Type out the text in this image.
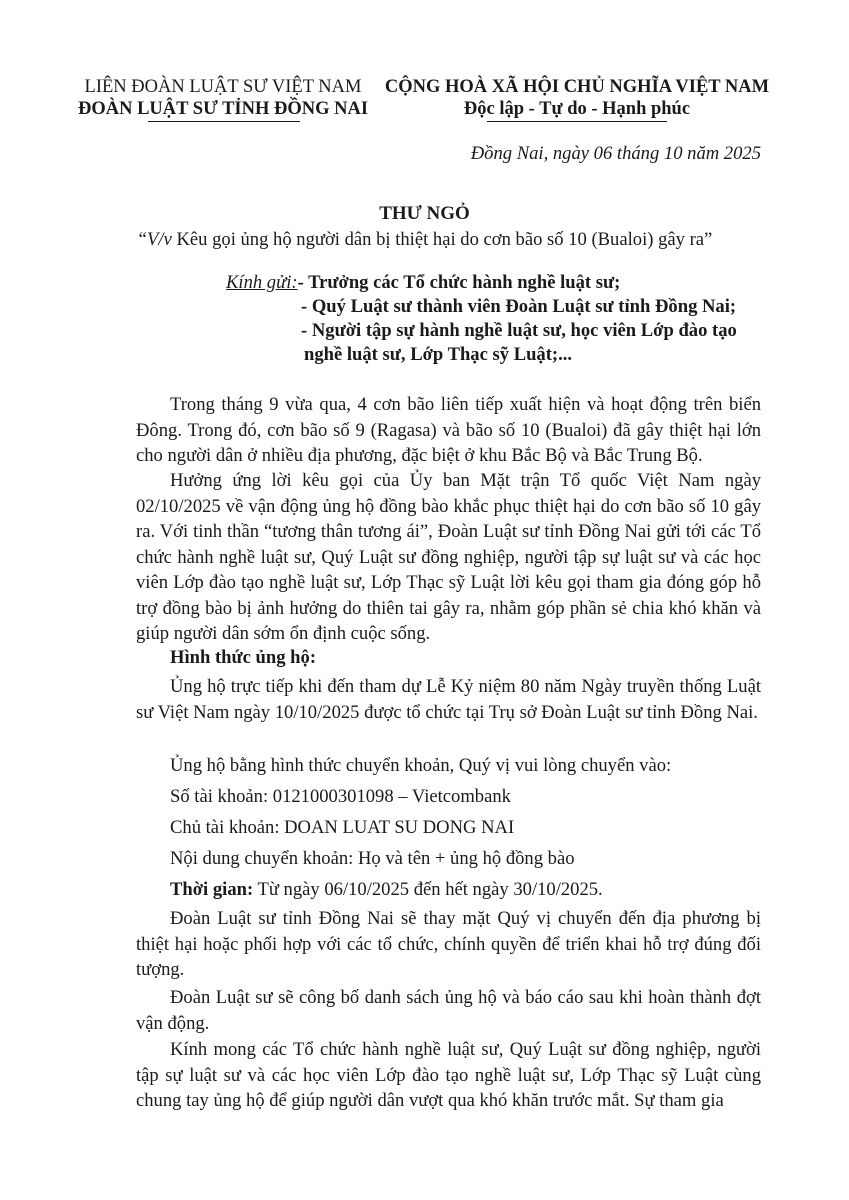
LIÊN ĐOÀN LUẬT SƯ VIỆT NAM
ĐOÀN LUẬT SƯ TỈNH ĐỒNG NAI
CỘNG HOÀ XÃ HỘI CHỦ NGHĨA VIỆT NAM
Độc lập - Tự do - Hạnh phúc
Đồng Nai, ngày 06 tháng 10 năm 2025
THƯ NGỎ
“V/v Kêu gọi ủng hộ người dân bị thiệt hại do cơn bão số 10 (Bualoi) gây ra”
Kính gửi:- Trưởng các Tổ chức hành nghề luật sư;
- Quý Luật sư thành viên Đoàn Luật sư tỉnh Đồng Nai;
- Người tập sự hành nghề luật sư, học viên Lớp đào tạo
nghề luật sư, Lớp Thạc sỹ Luật;...
Trong tháng 9 vừa qua, 4 cơn bão liên tiếp xuất hiện và hoạt động trên biển Đông. Trong đó, cơn bão số 9 (Ragasa) và bão số 10 (Bualoi) đã gây thiệt hại lớn cho người dân ở nhiều địa phương, đặc biệt ở khu Bắc Bộ và Bắc Trung Bộ.
Hưởng ứng lời kêu gọi của Ủy ban Mặt trận Tổ quốc Việt Nam ngày 02/10/2025 về vận động ủng hộ đồng bào khắc phục thiệt hại do cơn bão số 10 gây ra. Với tinh thần “tương thân tương ái”, Đoàn Luật sư tỉnh Đồng Nai gửi tới các Tổ chức hành nghề luật sư, Quý Luật sư đồng nghiệp, người tập sự luật sư và các học viên Lớp đào tạo nghề luật sư, Lớp Thạc sỹ Luật lời kêu gọi tham gia đóng góp hỗ trợ đồng bào bị ảnh hưởng do thiên tai gây ra, nhằm góp phần sẻ chia khó khăn và giúp người dân sớm ổn định cuộc sống.
Hình thức ủng hộ:
Ủng hộ trực tiếp khi đến tham dự Lễ Kỷ niệm 80 năm Ngày truyền thống Luật sư Việt Nam ngày 10/10/2025 được tổ chức tại Trụ sở Đoàn Luật sư tỉnh Đồng Nai.
Ủng hộ bằng hình thức chuyển khoản, Quý vị vui lòng chuyển vào:
Số tài khoản: 0121000301098 – Vietcombank
Chủ tài khoản: DOAN LUAT SU DONG NAI
Nội dung chuyển khoản: Họ và tên + ủng hộ đồng bào
Thời gian: Từ ngày 06/10/2025 đến hết ngày 30/10/2025.
Đoàn Luật sư tỉnh Đồng Nai sẽ thay mặt Quý vị chuyển đến địa phương bị thiệt hại hoặc phối hợp với các tổ chức, chính quyền để triển khai hỗ trợ đúng đối tượng.
Đoàn Luật sư sẽ công bố danh sách ủng hộ và báo cáo sau khi hoàn thành đợt vận động.
Kính mong các Tổ chức hành nghề luật sư, Quý Luật sư đồng nghiệp, người tập sự luật sư và các học viên Lớp đào tạo nghề luật sư, Lớp Thạc sỹ Luật cùng chung tay ủng hộ để giúp người dân vượt qua khó khăn trước mắt. Sự tham gia
